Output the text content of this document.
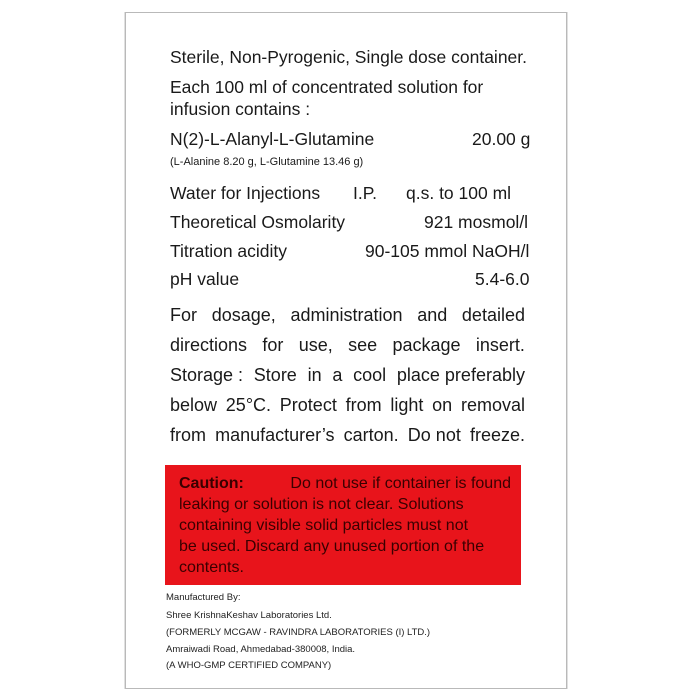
Sterile, Non-Pyrogenic, Single dose container.
Each 100 ml of concentrated solution for
infusion contains :
N(2)-L-Alanyl-L-Glutamine	20.00 g
(L-Alanine 8.20 g, L-Glutamine 13.46 g)
Water for Injections I.P. q.s. to 100 ml
Theoretical Osmolarity	921 mosmol/l
Titration acidity	90-105 mmol NaOH/l
pH value	5.4-6.0
For dosage, administration and detailed
directions for use, see package insert.
Storage : Store in a cool place preferably
below 25°C. Protect from light on removal
from manufacturer’s carton. Do not freeze.
Caution:	Do not use if container is found
leaking or solution is not clear. Solutions
containing visible solid particles must not
be used. Discard any unused portion of the
contents.
Manufactured By:
Shree KrishnaKeshav Laboratories Ltd.
(FORMERLY MCGAW - RAVINDRA LABORATORIES (I) LTD.)
Amraiwadi Road, Ahmedabad-380008, India.
(A WHO-GMP CERTIFIED COMPANY)
